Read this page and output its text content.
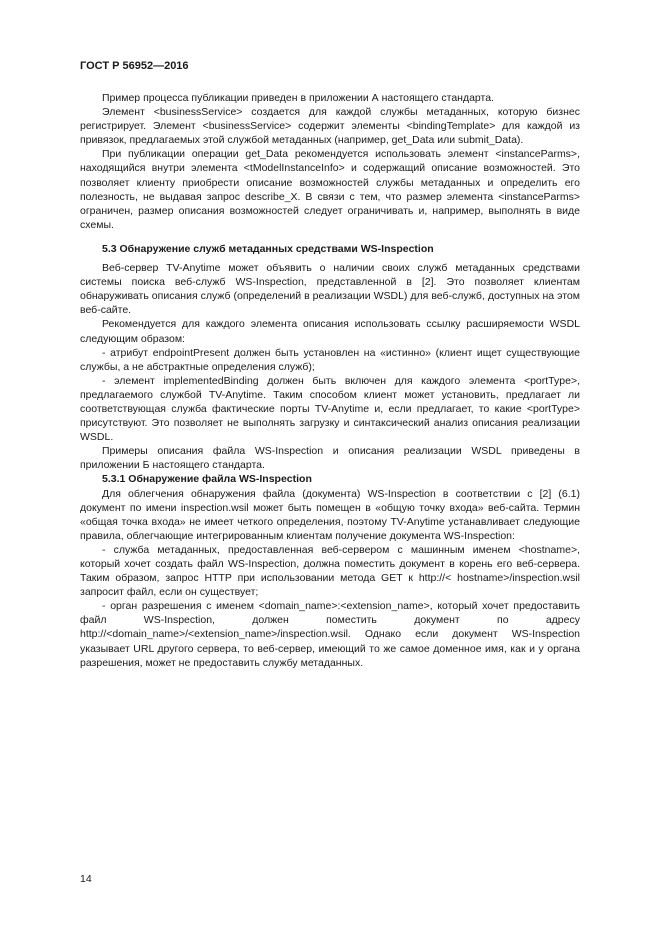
ГОСТ Р 56952—2016

Пример процесса публикации приведен в приложении А настоящего стандарта.

Элемент <businessService> создается для каждой службы метаданных, которую бизнес регистрирует. Элемент <businessService> содержит элементы <bindingTemplate> для каждой из привязок, предлагаемых этой службой метаданных (например, get_Data или submit_Data).

При публикации операции get_Data рекомендуется использовать элемент <instanceParms>, находящийся внутри элемента <tModelInstanceInfo> и содержащий описание возможностей. Это позволяет клиенту приобрести описание возможностей службы метаданных и определить его полезность, не выдавая запрос describe_X. В связи с тем, что размер элемента <instanceParms> ограничен, размер описания возможностей следует ограничивать и, например, выполнять в виде схемы.

5.3 Обнаружение служб метаданных средствами WS-Inspection

Веб-сервер TV-Anytime может объявить о наличии своих служб метаданных средствами системы поиска веб-служб WS-Inspection, представленной в [2]. Это позволяет клиентам обнаруживать описания служб (определений в реализации WSDL) для веб-служб, доступных на этом веб-сайте.

Рекомендуется для каждого элемента описания использовать ссылку расширяемости WSDL следующим образом:

- атрибут endpointPresent должен быть установлен на «истинно» (клиент ищет существующие службы, а не абстрактные определения служб);

- элемент implementedBinding должен быть включен для каждого элемента <portType>, предлагаемого службой TV-Anytime. Таким способом клиент может установить, предлагает ли соответствующая служба фактические порты TV-Anytime и, если предлагает, то какие <portType> присутствуют. Это позволяет не выполнять загрузку и синтаксический анализ описания реализации WSDL.

Примеры описания файла WS-Inspection и описания реализации WSDL приведены в приложении Б настоящего стандарта.

5.3.1 Обнаружение файла WS-Inspection

Для облегчения обнаружения файла (документа) WS-Inspection в соответствии с [2] (6.1) документ по имени inspection.wsil может быть помещен в «общую точку входа» веб-сайта. Термин «общая точка входа» не имеет четкого определения, поэтому TV-Anytime устанавливает следующие правила, облегчающие интегрированным клиентам получение документа WS-Inspection:

- служба метаданных, предоставленная веб-сервером с машинным именем <hostname>, который хочет создать файл WS-Inspection, должна поместить документ в корень его веб-сервера. Таким образом, запрос HTTP при использовании метода GET к http://< hostname>/inspection.wsil запросит файл, если он существует;

- орган разрешения с именем <domain_name>:<extension_name>, который хочет предоставить файл WS-Inspection, должен поместить документ по адресу http://<domain_name>/<extension_name>/inspection.wsil. Однако если документ WS-Inspection указывает URL другого сервера, то веб-сервер, имеющий то же самое доменное имя, как и у органа разрешения, может не предоставить службу метаданных.

14
